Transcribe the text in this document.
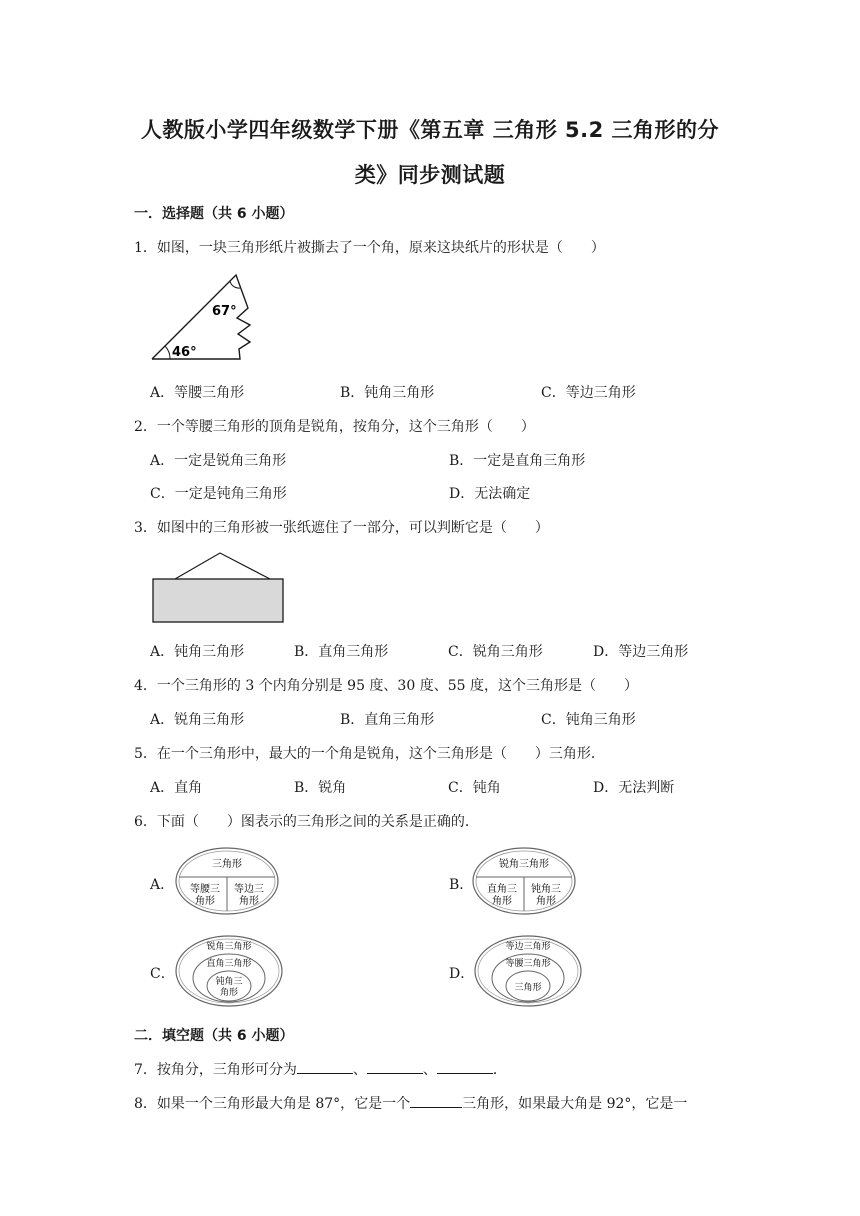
人教版小学四年级数学下册《第五章 三角形 5.2 三角形的分
类》同步测试题
一．选择题（共 6 小题）
1．如图，一块三角形纸片被撕去了一个角，原来这块纸片的形状是（　　）
67°
46°
A．等腰三角形	B．钝角三角形	C．等边三角形
2．一个等腰三角形的顶角是锐角，按角分，这个三角形（　　）
A．一定是锐角三角形	B．一定是直角三角形
C．一定是钝角三角形	D．无法确定
3．如图中的三角形被一张纸遮住了一部分，可以判断它是（　　）
A．钝角三角形	B．直角三角形	C．锐角三角形	D．等边三角形
4．一个三角形的 3 个内角分别是 95 度、30 度、55 度，这个三角形是（　　）
A．锐角三角形	B．直角三角形	C．钝角三角形
5．在一个三角形中，最大的一个角是锐角，这个三角形是（　　）三角形．
A．直角	B．锐角	C．钝角	D．无法判断
6．下面（　　）图表示的三角形之间的关系是正确的．
A．
三角形
等腰三
角形
等边三
角形
B．
锐角三角形
直角三
角形
钝角三
角形
C．
锐角三角形
直角三角形
钝角三
角形
D．
等边三角形
等腰三角形
三角形
二．填空题（共 6 小题）
7．按角分，三角形可分为	、	、	．
8．如果一个三角形最大角是 87°，它是一个	三角形，如果最大角是 92°，它是一
